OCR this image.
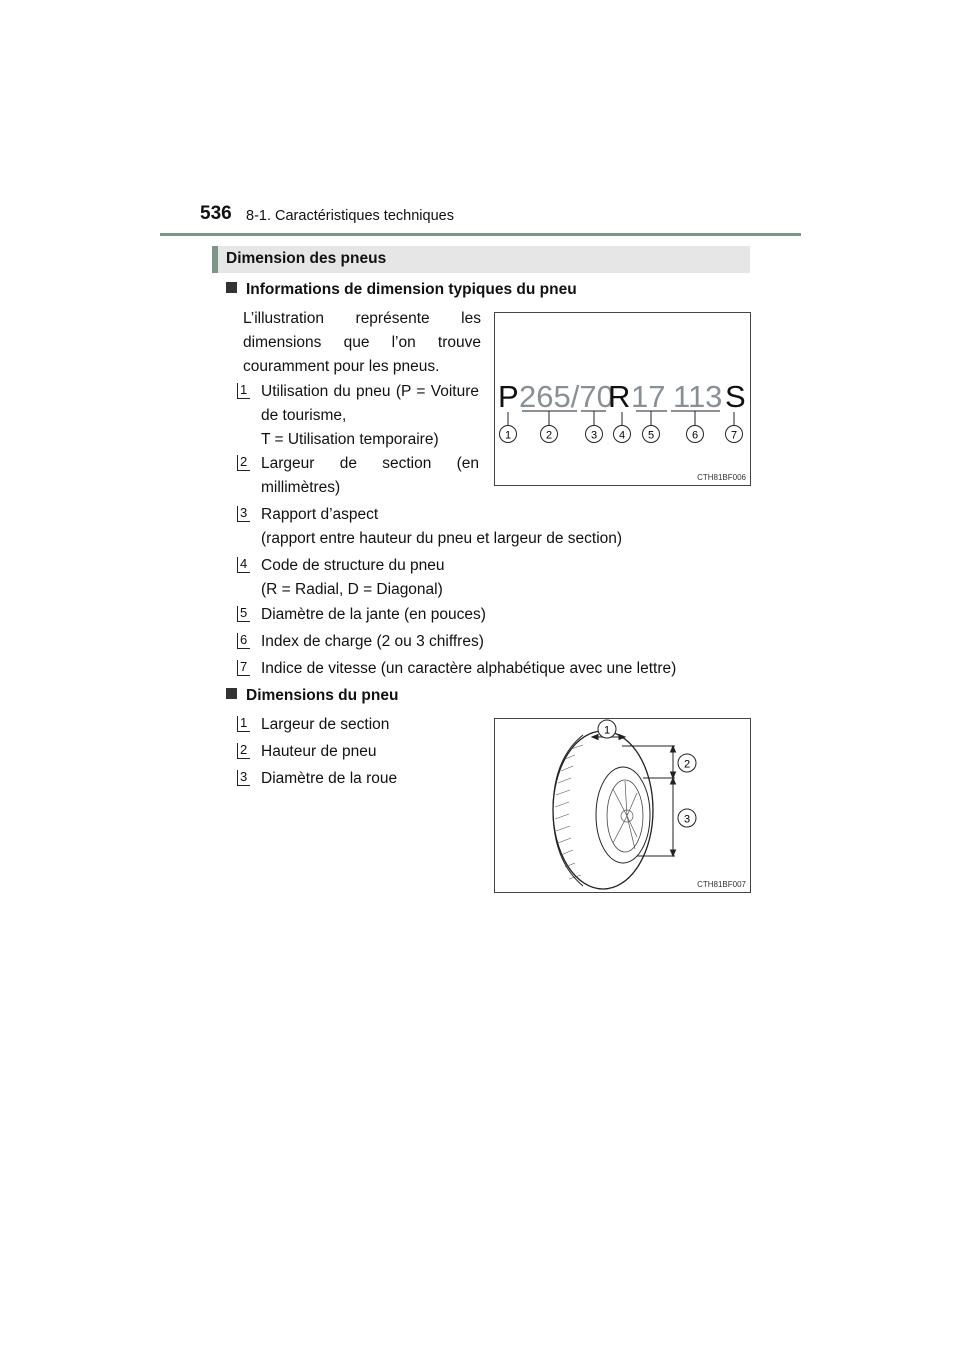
536 8-1. Caractéristiques techniques
Dimension des pneus
Informations de dimension typiques du pneu
L’illustration représente les dimensions que l’on trouve couramment pour les pneus.
1 Utilisation du pneu (P = Voiture de tourisme,
T = Utilisation temporaire)
2 Largeur de section (en millimètres)
3 Rapport d’aspect
(rapport entre hauteur du pneu et largeur de section)
4 Code de structure du pneu
(R = Radial, D = Diagonal)
5 Diamètre de la jante (en pouces)
6 Index de charge (2 ou 3 chiffres)
7 Indice de vitesse (un caractère alphabétique avec une lettre)
P 265/70
R 17 113 S
1	2	3 4 5	6	7
CTH81BF006
Dimensions du pneu
1 Largeur de section
2 Hauteur de pneu
3 Diamètre de la roue
1
2
3
CTH81BF007
